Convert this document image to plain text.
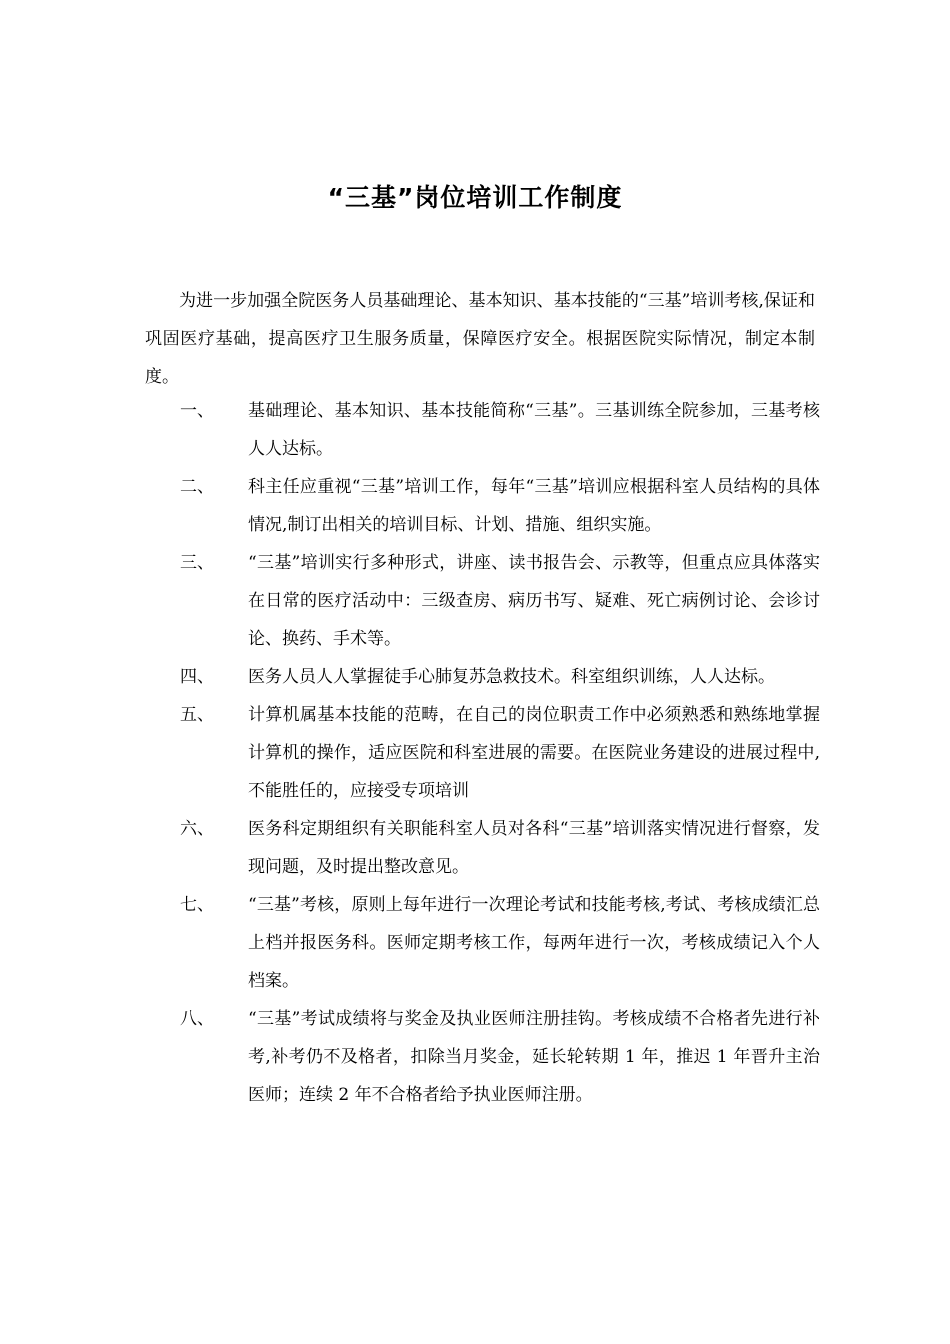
“三基”岗位培训工作制度

为进一步加强全院医务人员基础理论、基本知识、基本技能的“三基”培训考核,保证和巩固医疗基础，提高医疗卫生服务质量，保障医疗安全。根据医院实际情况，制定本制度。

一、	基础理论、基本知识、基本技能简称“三基”。三基训练全院参加，三基考核人人达标。
二、	科主任应重视“三基”培训工作，每年“三基”培训应根据科室人员结构的具体情况,制订出相关的培训目标、计划、措施、组织实施。
三、	“三基”培训实行多种形式，讲座、读书报告会、示教等，但重点应具体落实在日常的医疗活动中：三级查房、病历书写、疑难、死亡病例讨论、会诊讨论、换药、手术等。
四、	医务人员人人掌握徒手心肺复苏急救技术。科室组织训练，人人达标。
五、	计算机属基本技能的范畴，在自己的岗位职责工作中必须熟悉和熟练地掌握计算机的操作，适应医院和科室进展的需要。在医院业务建设的进展过程中,不能胜任的，应接受专项培训
六、	医务科定期组织有关职能科室人员对各科“三基”培训落实情况进行督察，发现问题，及时提出整改意见。
七、	“三基”考核，原则上每年进行一次理论考试和技能考核,考试、考核成绩汇总上档并报医务科。医师定期考核工作，每两年进行一次，考核成绩记入个人档案。
八、	“三基”考试成绩将与奖金及执业医师注册挂钩。考核成绩不合格者先进行补考,补考仍不及格者，扣除当月奖金，延长轮转期 1 年，推迟 1 年晋升主治医师；连续 2 年不合格者给予执业医师注册。
